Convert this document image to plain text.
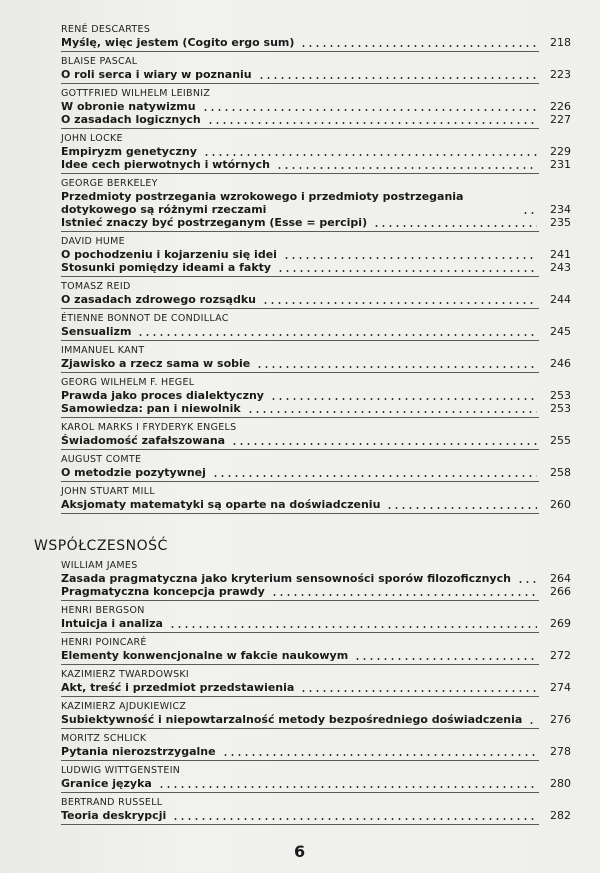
RENÉ DESCARTES
Myślę, więc jestem (Cogito ergo sum)	218
BLAISE PASCAL
O roli serca i wiary w poznaniu	223
GOTTFRIED WILHELM LEIBNIZ
W obronie natywizmu	226
O zasadach logicznych	227
JOHN LOCKE
Empiryzm genetyczny	229
Idee cech pierwotnych i wtórnych	231
GEORGE BERKELEY
Przedmioty postrzegania wzrokowego i przedmioty postrzegania dotykowego są różnymi rzeczami	234
Istnieć znaczy być postrzeganym (Esse = percipi)	235
DAVID HUME
O pochodzeniu i kojarzeniu się idei	241
Stosunki pomiędzy ideami a fakty	243
TOMASZ REID
O zasadach zdrowego rozsądku	244
ÉTIENNE BONNOT DE CONDILLAC
Sensualizm	245
IMMANUEL KANT
Zjawisko a rzecz sama w sobie	246
GEORG WILHELM F. HEGEL
Prawda jako proces dialektyczny	253
Samowiedza: pan i niewolnik	253
KAROL MARKS I FRYDERYK ENGELS
Świadomość zafałszowana	255
AUGUST COMTE
O metodzie pozytywnej	258
JOHN STUART MILL
Aksjomaty matematyki są oparte na doświadczeniu	260
WSPÓŁCZESNOŚĆ
WILLIAM JAMES
Zasada pragmatyczna jako kryterium sensowności sporów filozoficznych	264
Pragmatyczna koncepcja prawdy	266
HENRI BERGSON
Intuicja i analiza	269
HENRI POINCARÉ
Elementy konwencjonalne w fakcie naukowym	272
KAZIMIERZ TWARDOWSKI
Akt, treść i przedmiot przedstawienia	274
KAZIMIERZ AJDUKIEWICZ
Subiektywność i niepowtarzalność metody bezpośredniego doświadczenia	276
MORITZ SCHLICK
Pytania nierozstrzygalne	278
LUDWIG WITTGENSTEIN
Granice języka	280
BERTRAND RUSSELL
Teoria deskrypcji	282
6
